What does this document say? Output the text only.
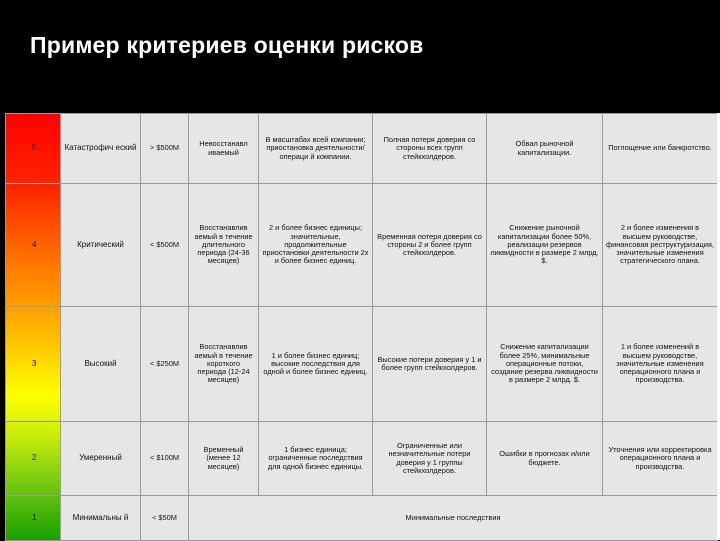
Пример критериев оценки рисков
5	Катастрофич еский	> $500M	Невосстанавл иваемый	В масштабах всей компании; приостановка деятельности/операци й компании.	Полная потеря доверия со стороны всех групп стейкхолдеров.	Обвал рыночной капитализации.	Поглощение или банкротство.
4	Критический	< $500M	Восстанавлив аемый в течение длительного периода (24-36 месяцев)	2 и более бизнес единицы; значительные, продолжительные приостановки деятельности 2х и более бизнес единиц.	Временная потеря доверия со стороны 2 и более групп стейкхолдеров.	Снижение рыночной капитализации более 50%, реализации резервов ликвидности в размере 2 млрд. $.	2 и более изменения в высшем руководстве, финансовая реструктуризация, значительные изменения стратегического плана.
3	Высокий	< $250M	Восстанавлив аемый в течение короткого периода (12-24 месяцев)	1 и более бизнес единиц; высокие последствия для одной и более бизнес единиц.	Высокие потери доверия у 1 и более групп стейкхолдеров.	Снижение капитализации более 25%, минимальные операционные потоки, создание резерва ликвидности в размере 2 млрд. $.	1 и более изменений в высшем руководстве, значительные изменения операционного плана и производства.
2	Умеренный	< $100M	Временный (менее 12 месяцев)	1 бизнес единица; ограниченные последствия для одной бизнес единицы.	Ограниченные или незначительные потери доверия у 1 группы стейкхолдеров.	Ошибки в прогнозах и/или бюджете.	Уточнения или корректировка операционного плана и производства.
1	Минимальны й	< $50M	Минимальные последствия				
